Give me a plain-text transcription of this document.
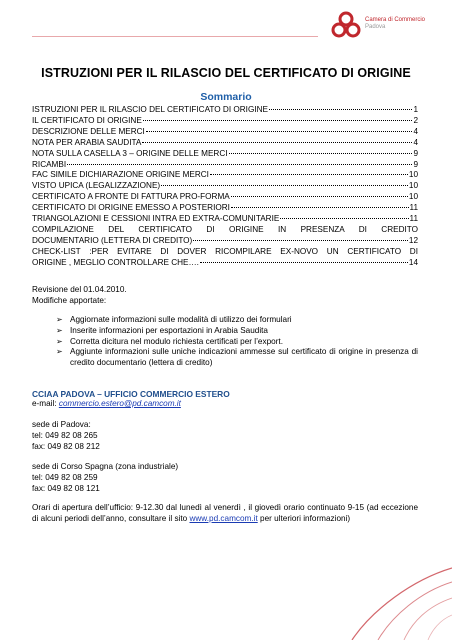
Camera di Commercio
Padova
ISTRUZIONI PER IL RILASCIO DEL CERTIFICATO DI ORIGINE
Sommario
ISTRUZIONI PER IL RILASCIO DEL CERTIFICATO DI ORIGINE	1
IL CERTIFICATO DI ORIGINE	2
DESCRIZIONE DELLE MERCI	4
NOTA PER ARABIA SAUDITA	4
NOTA SULLA CASELLA 3 – ORIGINE DELLE MERCI	9
RICAMBI	9
FAC SIMILE DICHIARAZIONE ORIGINE MERCI	10
VISTO UPICA (LEGALIZZAZIONE)	10
CERTIFICATO A FRONTE DI FATTURA PRO-FORMA	10
CERTIFICATO DI ORIGINE EMESSO A POSTERIORI	11
TRIANGOLAZIONI E CESSIONI INTRA ED EXTRA-COMUNITARIE	11
COMPILAZIONE DEL CERTIFICATO DI ORIGINE IN PRESENZA DI CREDITO
DOCUMENTARIO (LETTERA DI CREDITO)	12
CHECK-LIST :PER EVITARE DI DOVER RICOMPILARE EX-NOVO UN CERTIFICATO DI
ORIGINE , MEGLIO CONTROLLARE CHE….	14
Revisione del 01.04.2010.
Modifiche apportate:
➢ Aggiornate informazioni sulle modalità di utilizzo dei formulari
➢ Inserite informazioni per esportazioni in Arabia Saudita
➢ Corretta dicitura nel modulo richiesta certificati per l’export.
➢ Aggiunte informazioni sulle uniche indicazioni ammesse sul certificato di origine in presenza di credito documentario (lettera di credito)
CCIAA PADOVA – UFFICIO COMMERCIO ESTERO
e-mail: commercio.estero@pd.camcom.it
sede di Padova:
tel: 049 82 08 265
fax: 049 82 08 212
sede di Corso Spagna (zona industriale)
tel: 049 82 08 259
fax: 049 82 08 121
Orari di apertura dell’ufficio: 9-12.30 dal lunedì al venerdì , il giovedì orario continuato 9-15 (ad eccezione di alcuni periodi dell’anno, consultare il sito www.pd.camcom.it per ulteriori informazioni)
